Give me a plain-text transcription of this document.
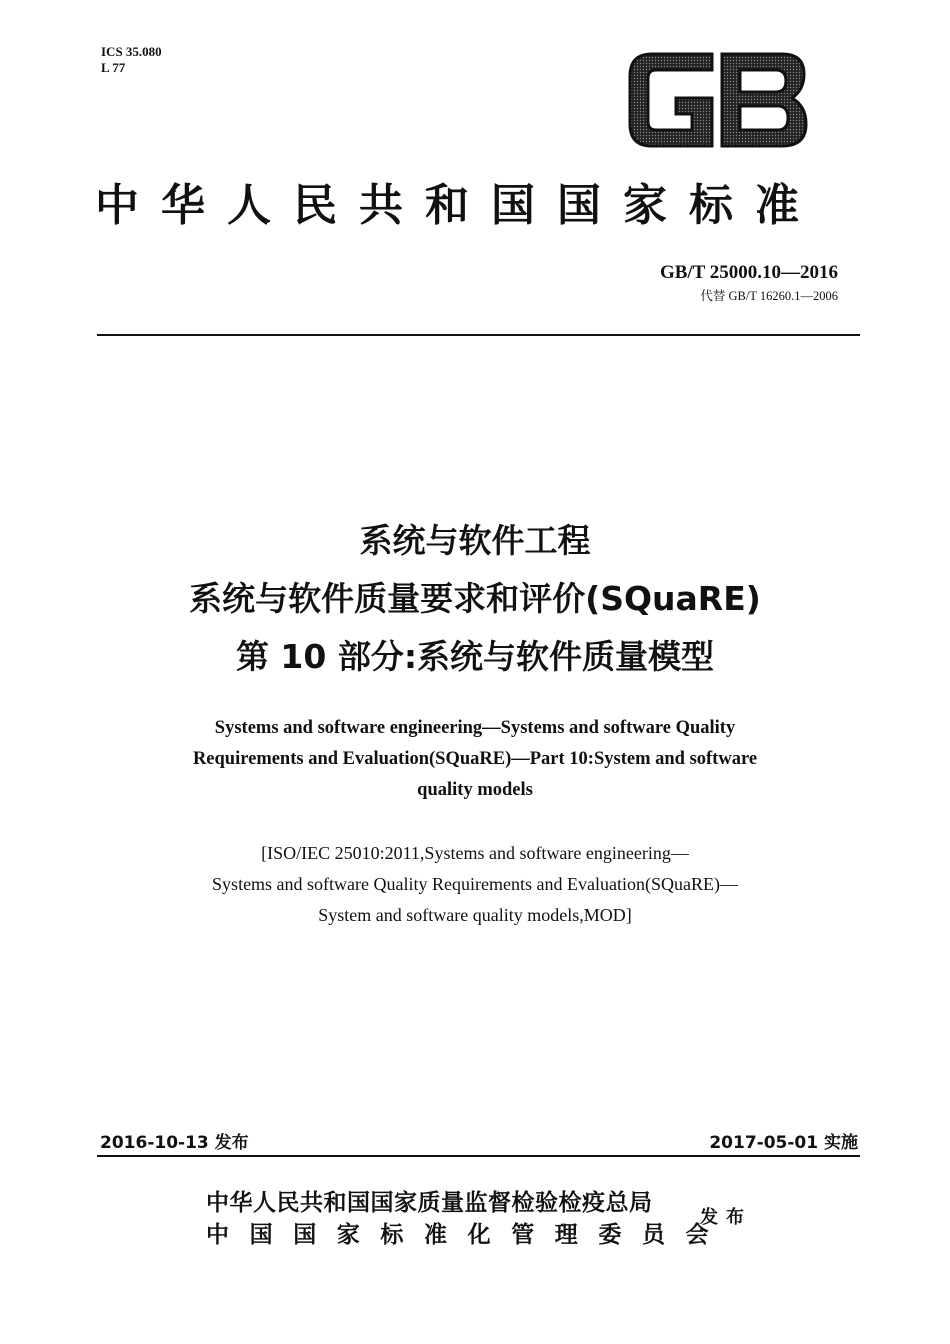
ICS 35.080
L 77
中华人民共和国国家标准
GB/T 25000.10—2016
代替 GB/T 16260.1—2006
系统与软件工程
系统与软件质量要求和评价(SQuaRE)
第 10 部分:系统与软件质量模型
Systems and software engineering—Systems and software Quality
Requirements and Evaluation(SQuaRE)—Part 10:System and software
quality models
[ISO/IEC 25010:2011,Systems and software engineering—
Systems and software Quality Requirements and Evaluation(SQuaRE)—
System and software quality models,MOD]
2016-10-13 发布	2017-05-01 实施
中华人民共和国国家质量监督检验检疫总局
中国国家标准化管理委员会
发布
